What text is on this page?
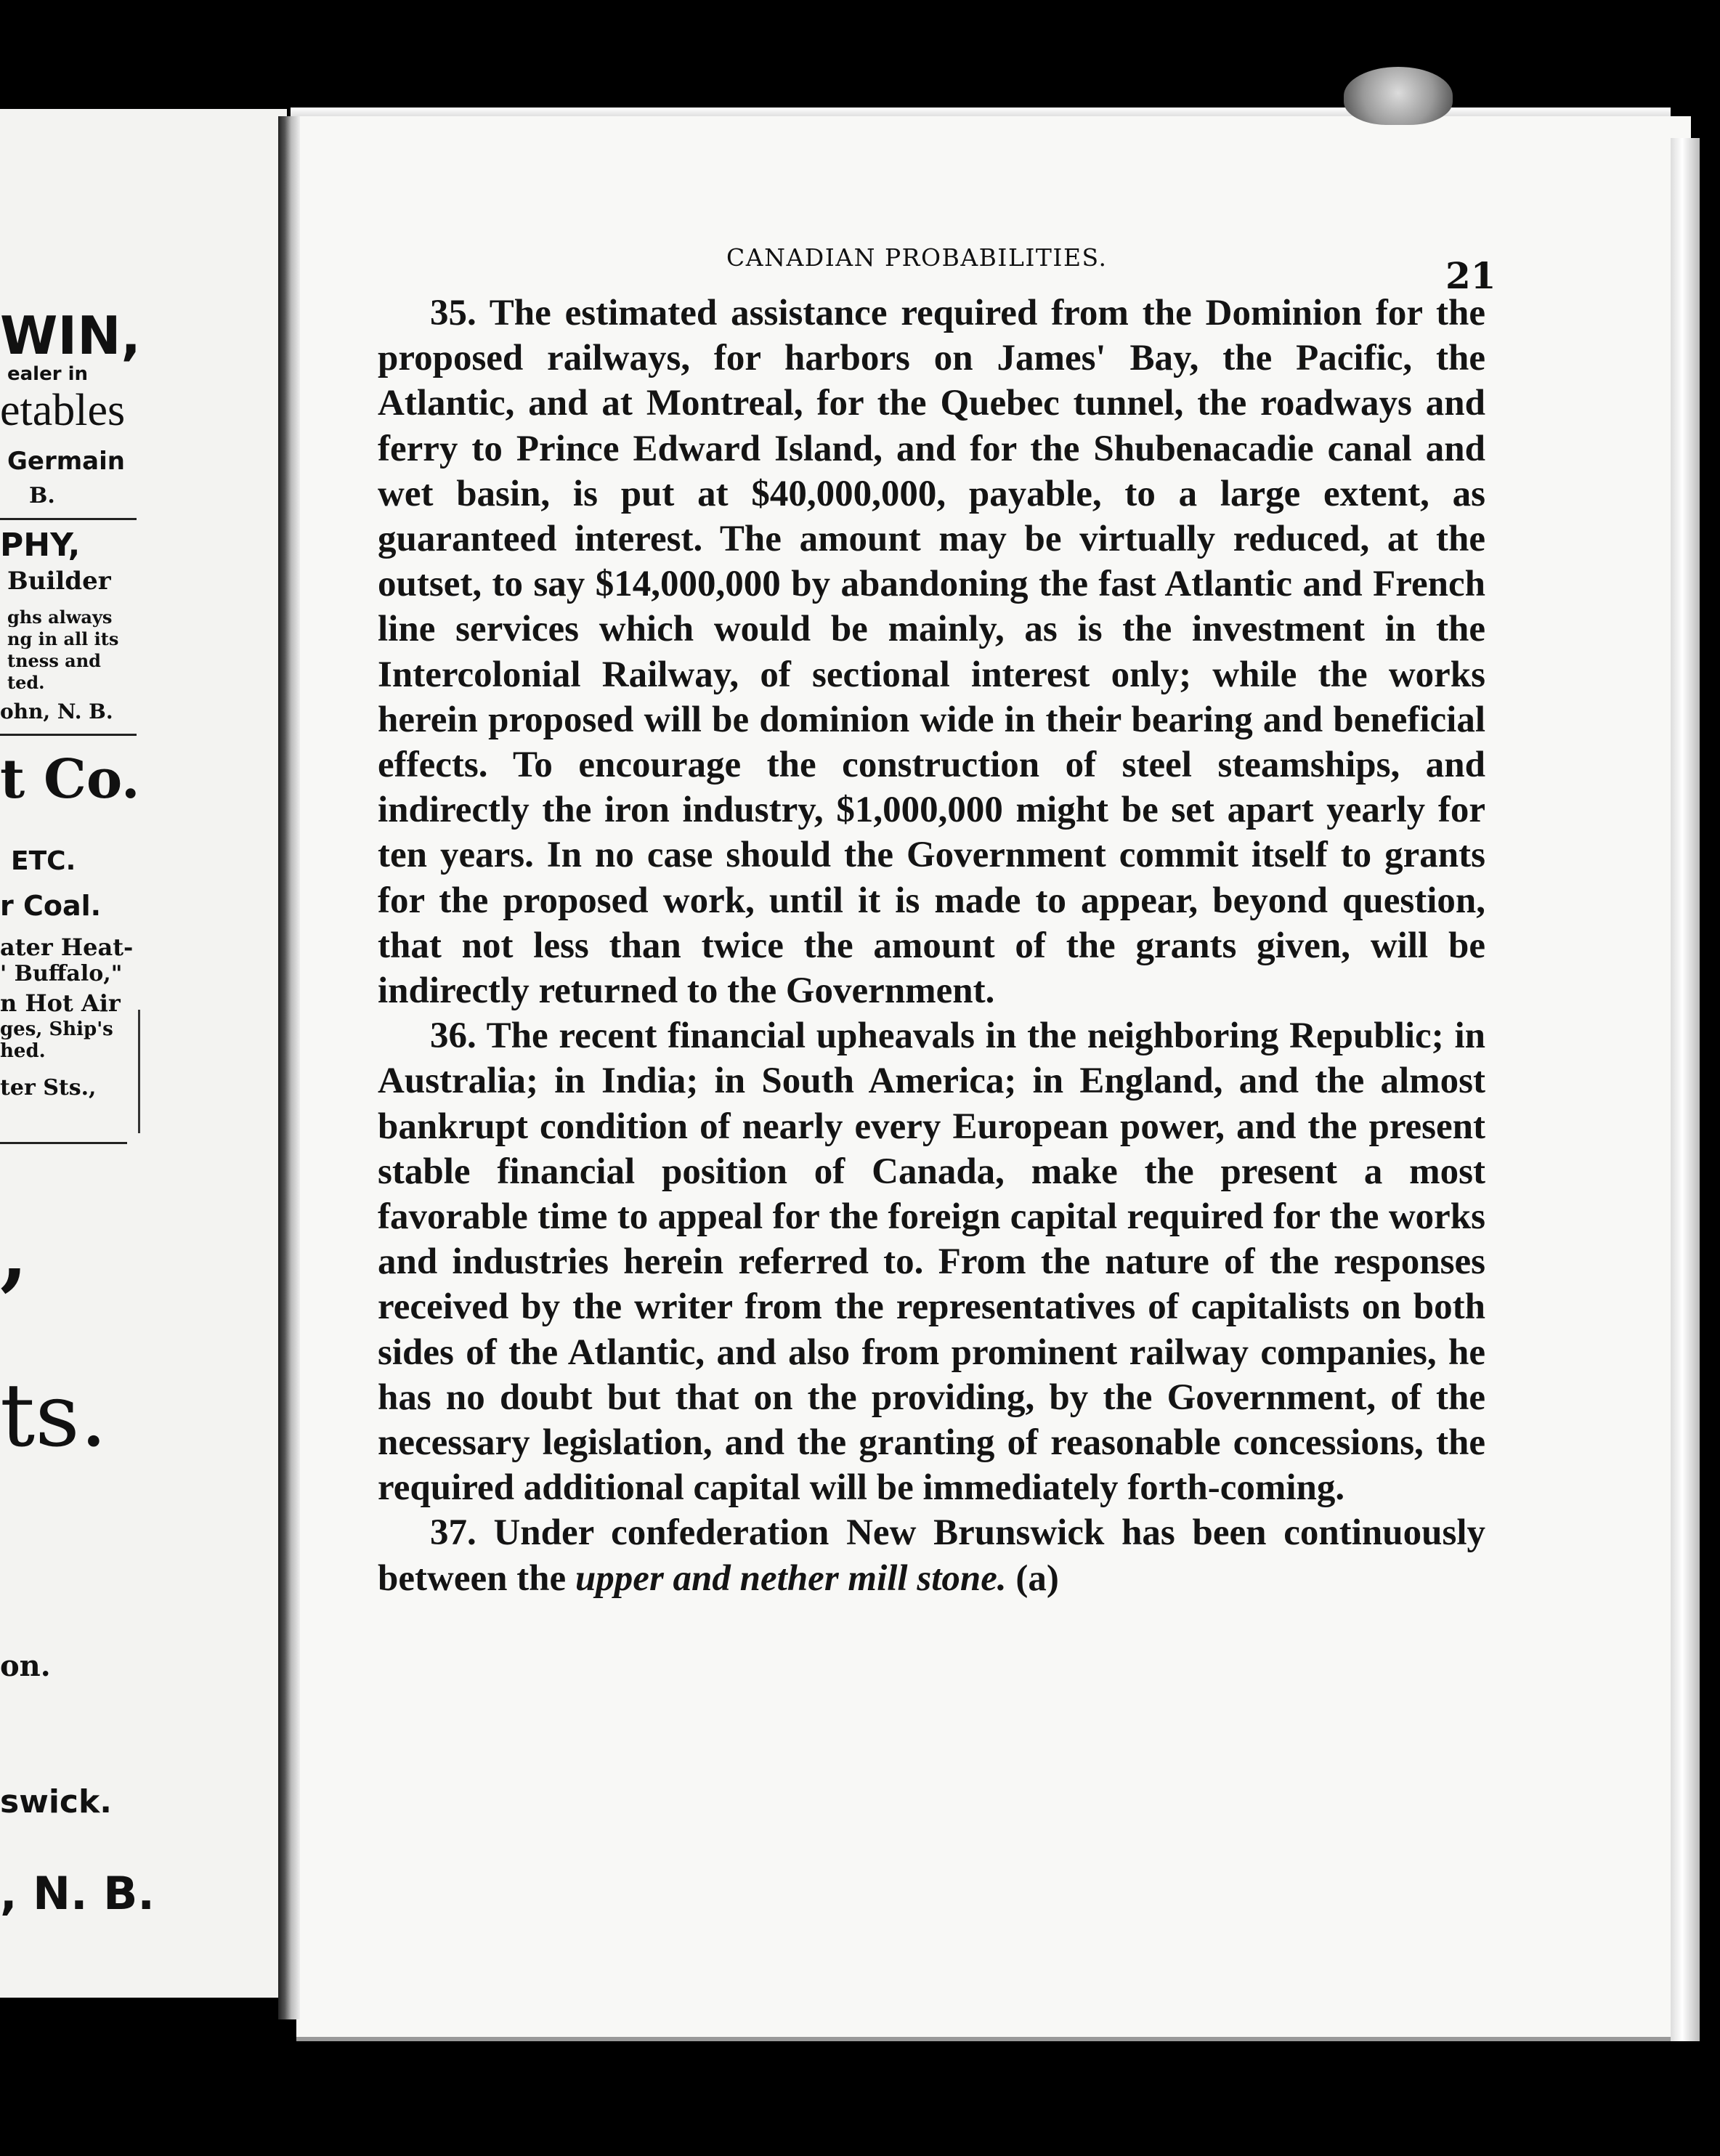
WIN,
ealer in
etables
Germain
B.
PHY,
Builder
ghs always
ng in all its
tness and
ted.
ohn, N. B.
t Co.
ETC.
r Coal.
ater Heat-
' Buffalo,"
n Hot Air
ges, Ship's
hed.
ter Sts.,
,
ts.
on.
swick.
, N. B.
CANADIAN PROBABILITIES.	21

35. The estimated assistance required from the Dominion for the proposed railways, for harbors on James' Bay, the Pacific, the Atlantic, and at Montreal, for the Quebec tunnel, the roadways and ferry to Prince Edward Island, and for the Shubenacadie canal and wet basin, is put at $40,000,000, payable, to a large extent, as guaranteed interest. The amount may be virtually reduced, at the outset, to say $14,000,000 by abandoning the fast Atlantic and French line services which would be mainly, as is the investment in the Intercolonial Railway, of sectional interest only; while the works herein proposed will be dominion wide in their bearing and beneficial effects. To encourage the construction of steel steamships, and indirectly the iron industry, $1,000,000 might be set apart yearly for ten years. In no case should the Government commit itself to grants for the proposed work, until it is made to appear, beyond question, that not less than twice the amount of the grants given, will be indirectly returned to the Government.

36. The recent financial upheavals in the neighboring Republic; in Australia; in India; in South America; in England, and the almost bankrupt condition of nearly every European power, and the present stable financial position of Canada, make the present a most favorable time to appeal for the foreign capital required for the works and industries herein referred to. From the nature of the responses received by the writer from the representatives of capitalists on both sides of the Atlantic, and also from prominent railway companies, he has no doubt but that on the providing, by the Government, of the necessary legislation, and the granting of reasonable concessions, the required additional capital will be immediately forth-coming.

37. Under confederation New Brunswick has been continuously between the upper and nether mill stone. (a)
